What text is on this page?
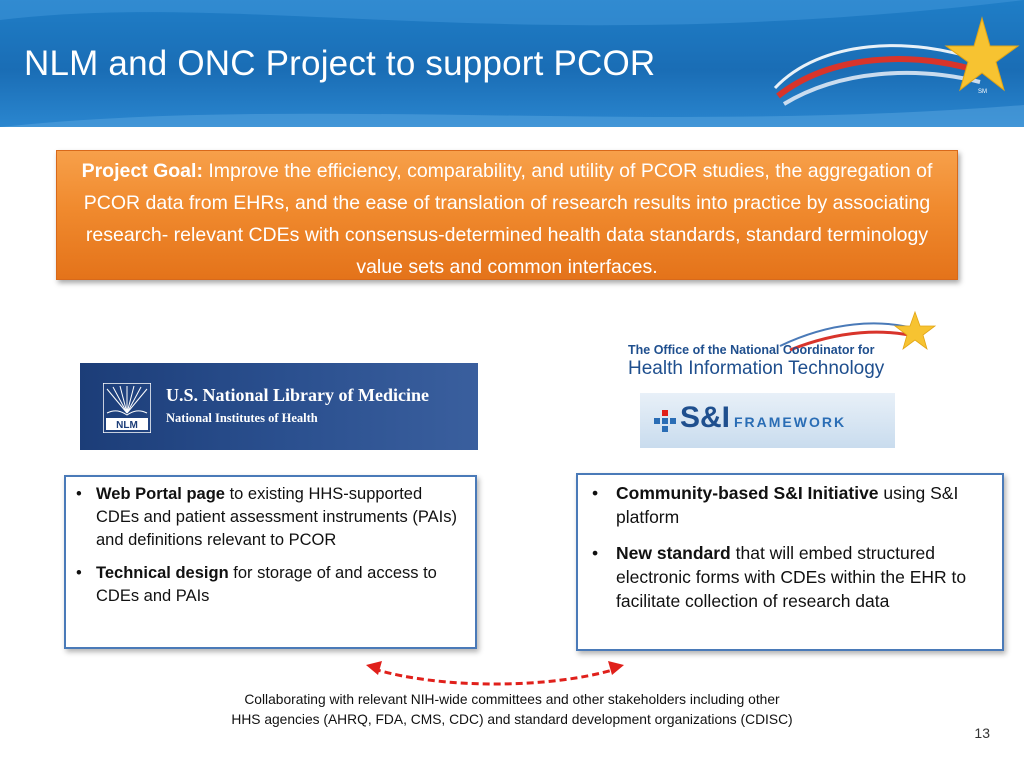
NLM and ONC Project to support PCOR
SM
Project Goal: Improve the efficiency, comparability, and utility of PCOR studies, the aggregation of PCOR data from EHRs, and the ease of translation of research results into practice by associating research- relevant CDEs with consensus-determined health data standards, standard terminology value sets and common interfaces.
NLM
U.S. National Library of Medicine
National Institutes of Health
The Office of the National Coordinator for
Health Information Technology
S&I FRAMEWORK
• Web Portal page to existing HHS-supported CDEs and patient assessment instruments (PAIs) and definitions relevant to PCOR
• Technical design for storage of and access to CDEs and PAIs
• Community-based S&I Initiative using S&I platform
• New standard that will embed structured electronic forms with CDEs within the EHR to facilitate collection of research data
Collaborating with relevant NIH-wide committees and other stakeholders including other
HHS agencies (AHRQ, FDA, CMS, CDC) and standard development organizations (CDISC)
13
